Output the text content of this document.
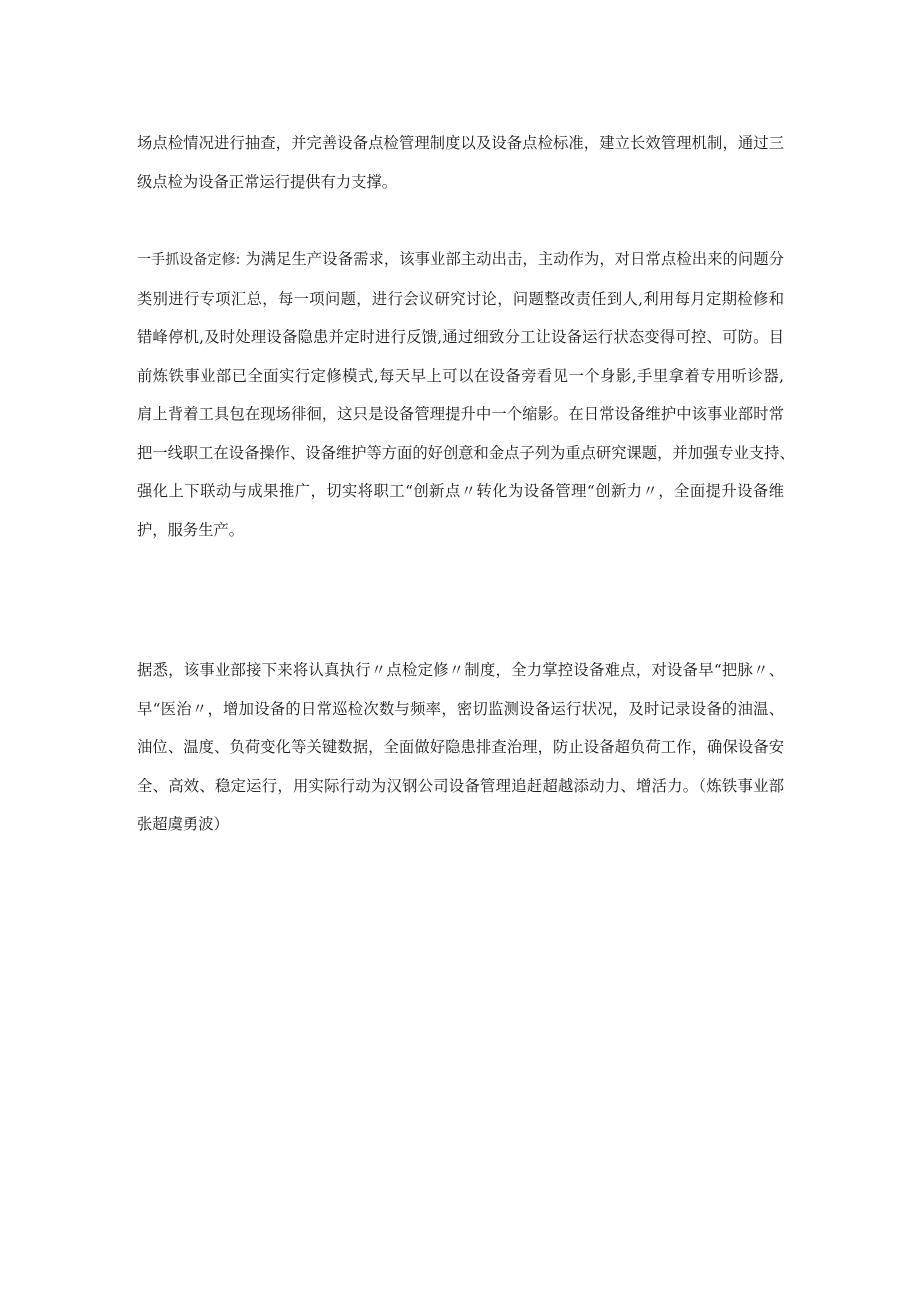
场点检情况进行抽查，并完善设备点检管理制度以及设备点检标准，建立长效管理机制，通过三
级点检为设备正常运行提供有力支撑。

一手抓设备定修: 为满足生产设备需求，该事业部主动出击，主动作为，对日常点检出来的问题分
类别进行专项汇总，每一项问题，进行会议研究讨论，问题整改责任到人,利用每月定期检修和
错峰停机,及时处理设备隐患并定时进行反馈,通过细致分工让设备运行状态变得可控、可防。目
前炼铁事业部已全面实行定修模式,每天早上可以在设备旁看见一个身影,手里拿着专用听诊器,
肩上背着工具包在现场徘徊，这只是设备管理提升中一个缩影。在日常设备维护中该事业部时常
把一线职工在设备操作、设备维护等方面的好创意和金点子列为重点研究课题，并加强专业支持、
强化上下联动与成果推广，切实将职工“创新点〃转化为设备管理“创新力〃，全面提升设备维
护，服务生产。

据悉，该事业部接下来将认真执行〃点检定修〃制度，全力掌控设备难点，对设备早“把脉〃、
早“医治〃，增加设备的日常巡检次数与频率，密切监测设备运行状况，及时记录设备的油温、
油位、温度、负荷变化等关键数据，全面做好隐患排查治理，防止设备超负荷工作，确保设备安
全、高效、稳定运行，用实际行动为汉钢公司设备管理追赶超越添动力、增活力。（炼铁事业部
张超虞勇波）
